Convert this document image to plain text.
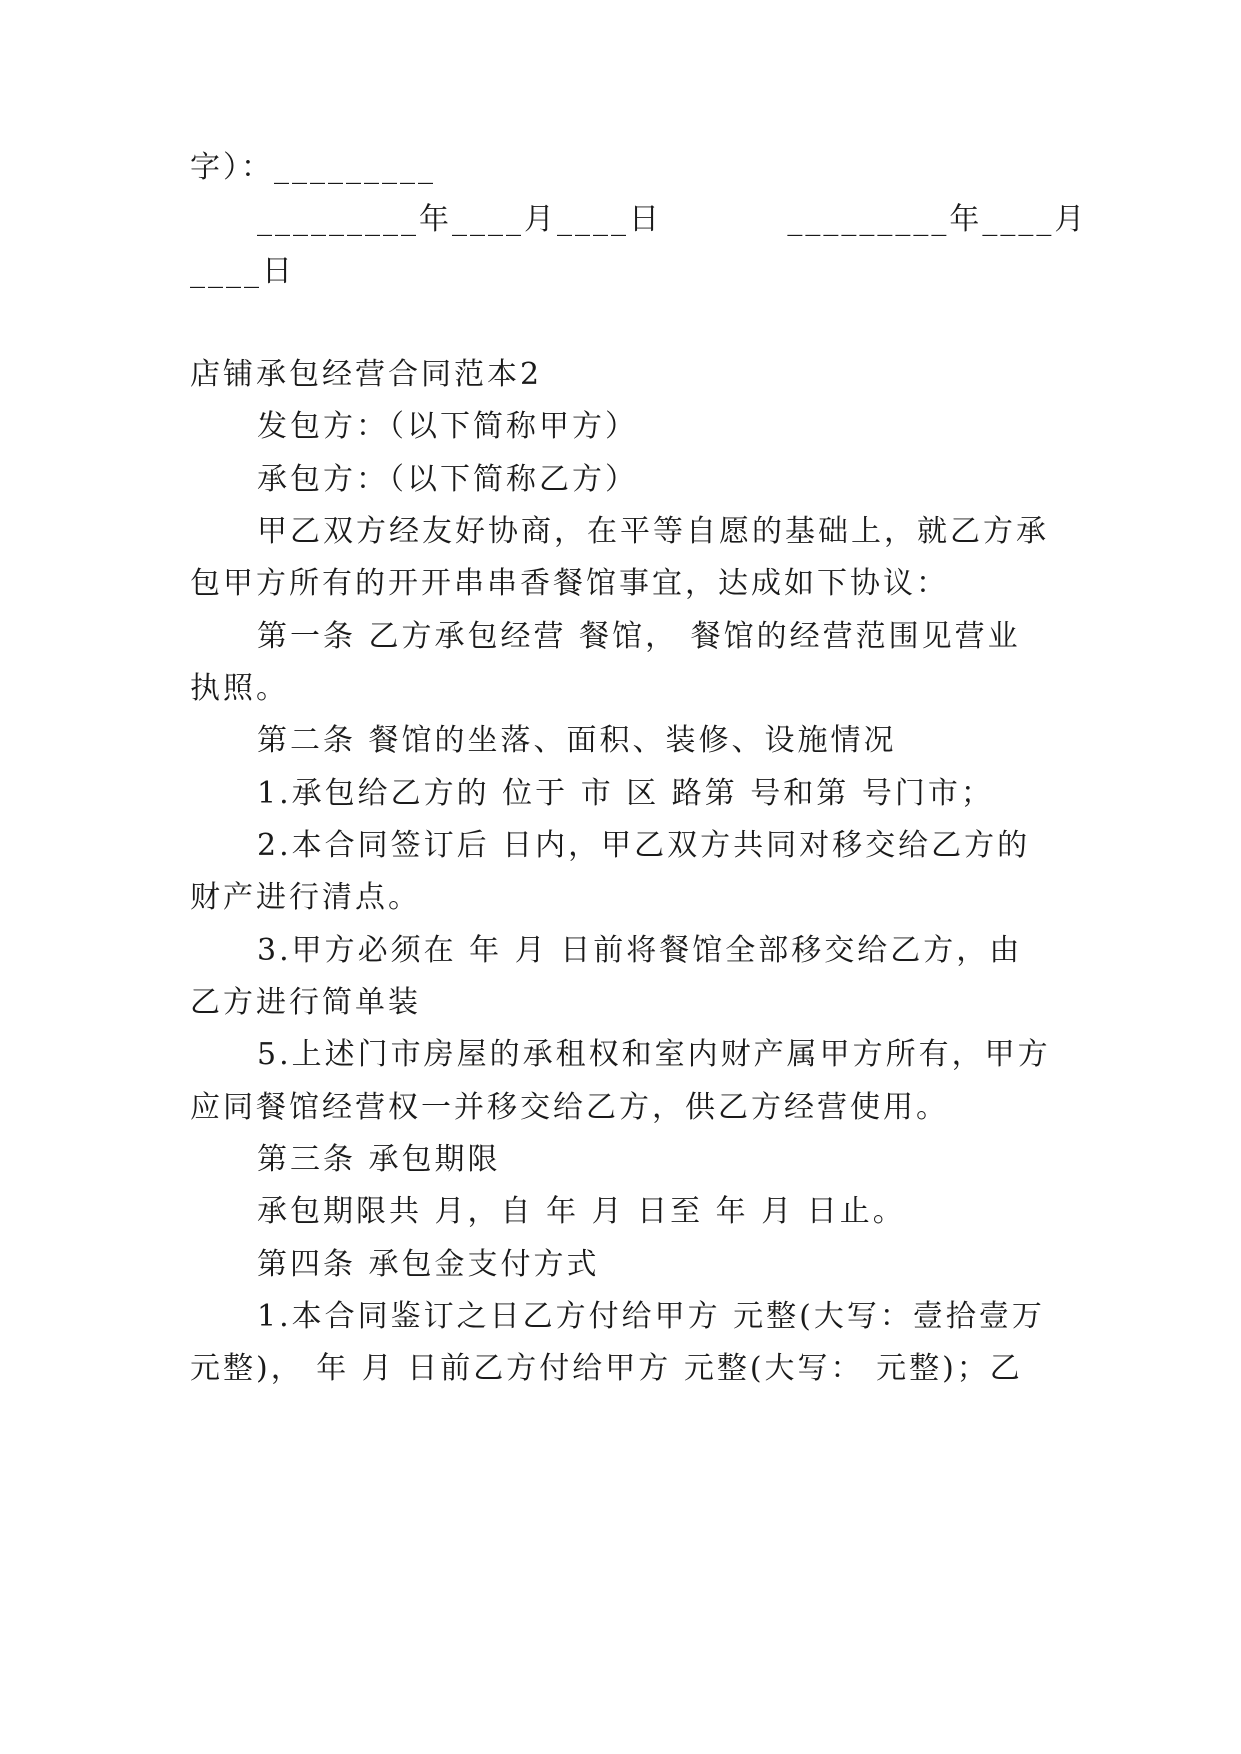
字）：_________
_________年____月____日          _________年____月
____日
店铺承包经营合同范本2
发包方：（以下简称甲方）
承包方：（以下简称乙方）
甲乙双方经友好协商，在平等自愿的基础上，就乙方承
包甲方所有的开开串串香餐馆事宜，达成如下协议：
第一条 乙方承包经营 餐馆， 餐馆的经营范围见营业
执照。
第二条 餐馆的坐落、面积、装修、设施情况
1.承包给乙方的 位于 市 区 路第 号和第 号门市；
2.本合同签订后 日内，甲乙双方共同对移交给乙方的
财产进行清点。
3.甲方必须在 年 月 日前将餐馆全部移交给乙方，由
乙方进行简单装
5.上述门市房屋的承租权和室内财产属甲方所有，甲方
应同餐馆经营权一并移交给乙方，供乙方经营使用。
第三条 承包期限
承包期限共 月，自 年 月 日至 年 月 日止。
第四条 承包金支付方式
1.本合同鉴订之日乙方付给甲方 元整(大写：壹拾壹万
元整)， 年 月 日前乙方付给甲方 元整(大写： 元整)；乙
